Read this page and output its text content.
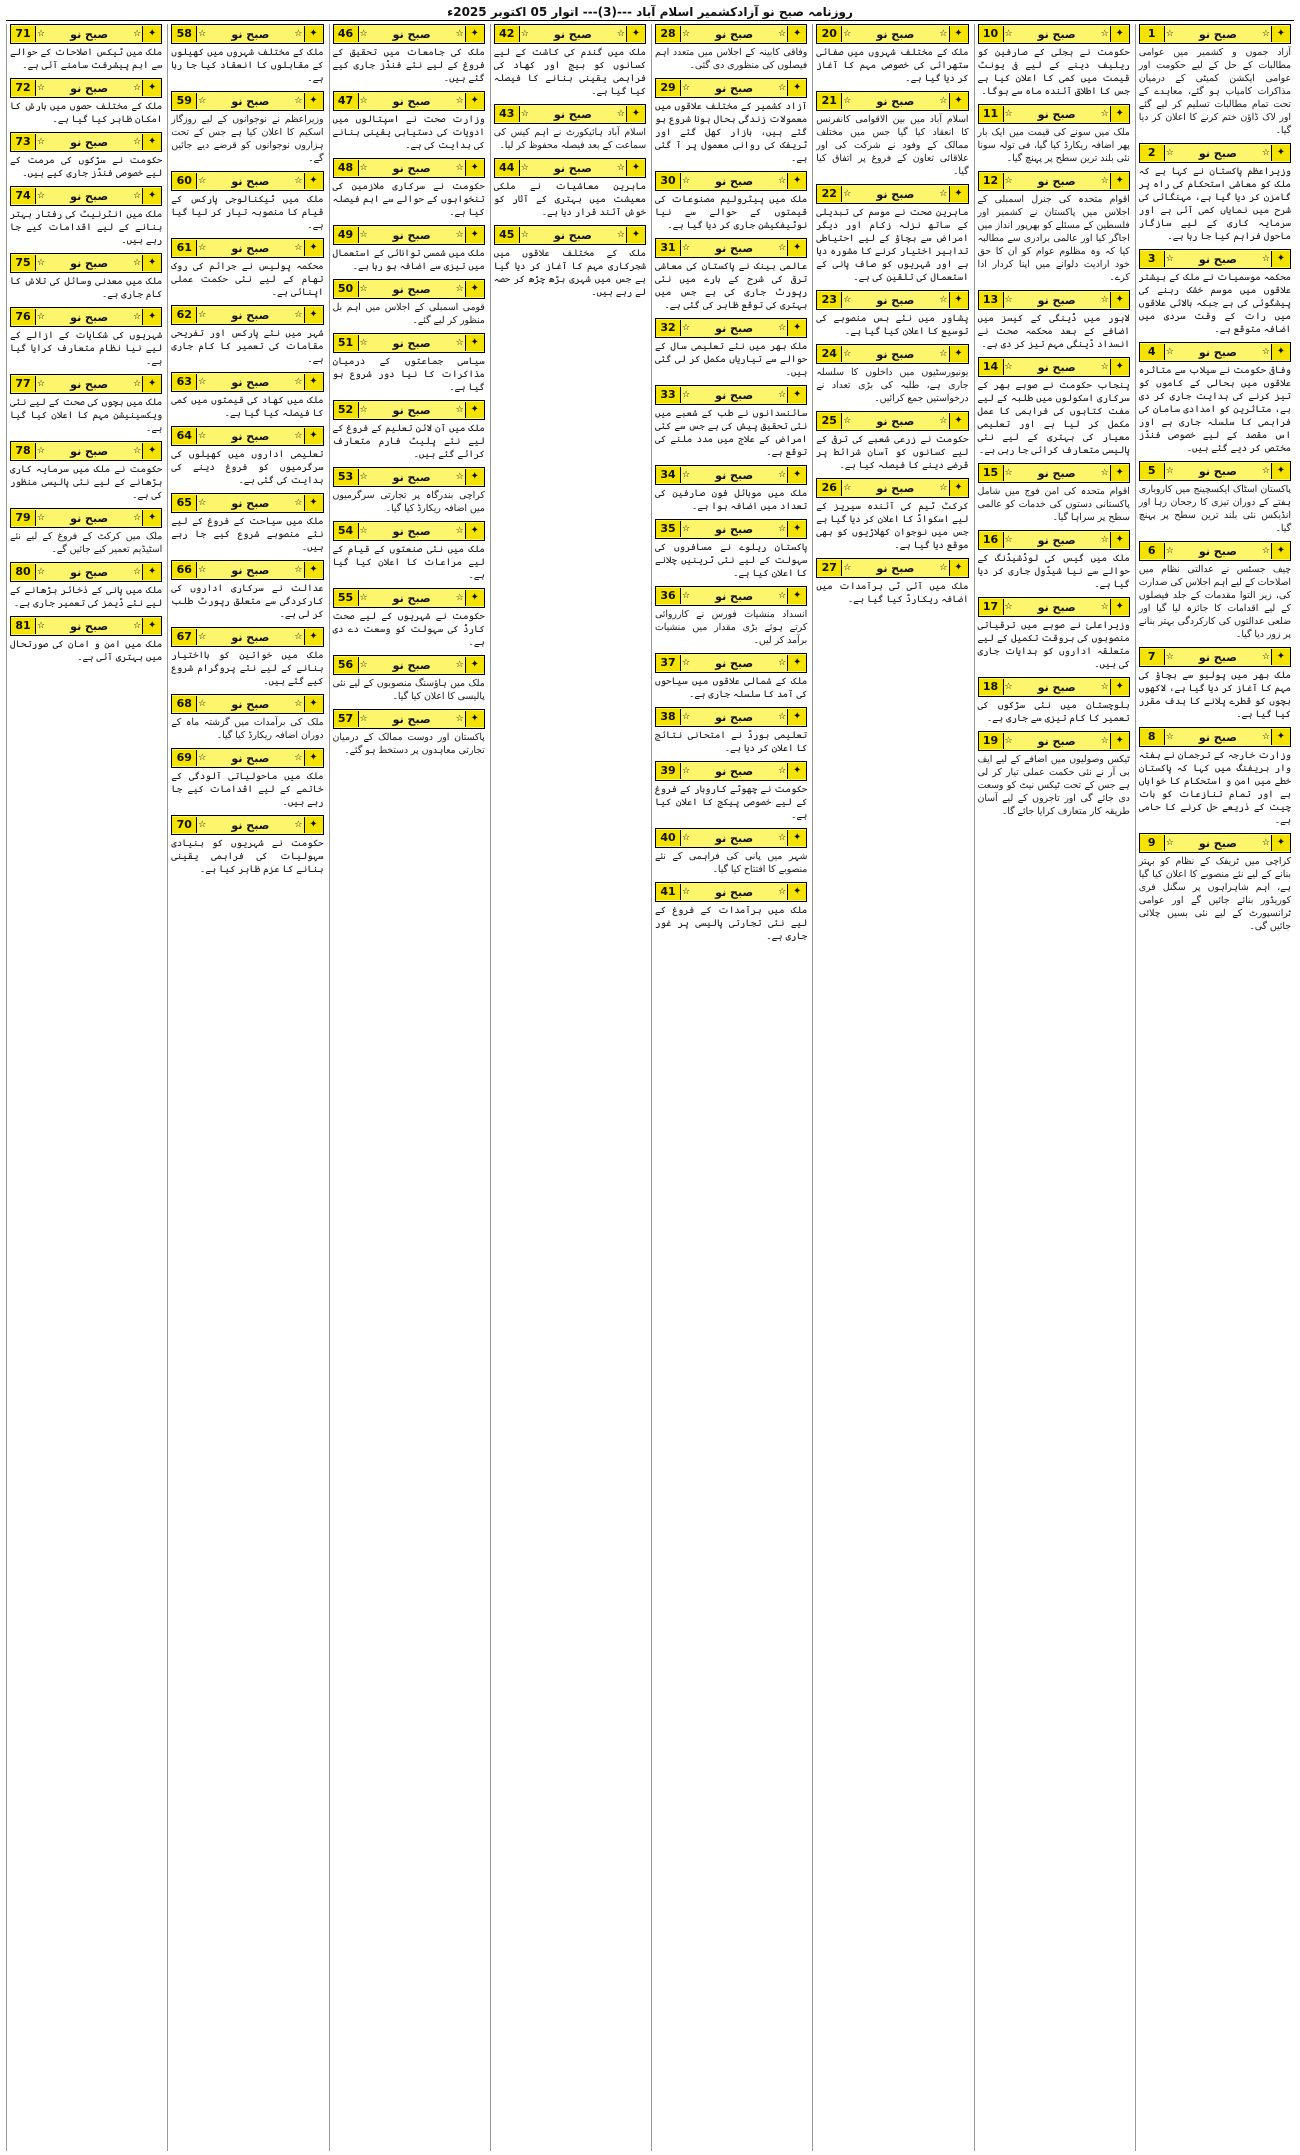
روزنامہ صبح نو آزادکشمیر اسلام آباد ---(3)--- اتوار 05 اکتوبر 2025ء
1	☆	صبح نو	☆ ✦
آزاد جموں و کشمیر میں عوامی مطالبات کے حل کے لیے حکومت اور عوامی ایکشن کمیٹی کے درمیان مذاکرات کامیاب ہو گئے، معاہدے کے تحت تمام مطالبات تسلیم کر لیے گئے اور لاک ڈاؤن ختم کرنے کا اعلان کر دیا گیا۔
2	☆	صبح نو	☆ ✦
وزیراعظم پاکستان نے کہا ہے کہ ملک کو معاشی استحکام کی راہ پر گامزن کر دیا گیا ہے، مہنگائی کی شرح میں نمایاں کمی آئی ہے اور سرمایہ کاری کے لیے سازگار ماحول فراہم کیا جا رہا ہے۔
3	☆	صبح نو	☆ ✦
محکمہ موسمیات نے ملک کے بیشتر علاقوں میں موسم خشک رہنے کی پیشگوئی کی ہے جبکہ بالائی علاقوں میں رات کے وقت سردی میں اضافہ متوقع ہے۔
4	☆	صبح نو	☆ ✦
وفاقی حکومت نے سیلاب سے متاثرہ علاقوں میں بحالی کے کاموں کو تیز کرنے کی ہدایت جاری کر دی ہے، متاثرین کو امدادی سامان کی فراہمی کا سلسلہ جاری ہے اور اس مقصد کے لیے خصوصی فنڈز مختص کر دیے گئے ہیں۔
5	☆	صبح نو	☆ ✦
پاکستان اسٹاک ایکسچینج میں کاروباری ہفتے کے دوران تیزی کا رجحان رہا اور انڈیکس نئی بلند ترین سطح پر پہنچ گیا۔
6	☆	صبح نو	☆ ✦
چیف جسٹس نے عدالتی نظام میں اصلاحات کے لیے اہم اجلاس کی صدارت کی، زیر التوا مقدمات کے جلد فیصلوں کے لیے اقدامات کا جائزہ لیا گیا اور ضلعی عدالتوں کی کارکردگی بہتر بنانے پر زور دیا گیا۔
7	☆	صبح نو	☆ ✦
ملک بھر میں پولیو سے بچاؤ کی مہم کا آغاز کر دیا گیا ہے، لاکھوں بچوں کو قطرے پلانے کا ہدف مقرر کیا گیا ہے۔
8	☆	صبح نو	☆ ✦
وزارت خارجہ کے ترجمان نے ہفتہ وار بریفنگ میں کہا کہ پاکستان خطے میں امن و استحکام کا خواہاں ہے اور تمام تنازعات کو بات چیت کے ذریعے حل کرنے کا حامی ہے۔
9	☆	صبح نو	☆ ✦
کراچی میں ٹریفک کے نظام کو بہتر بنانے کے لیے نئے منصوبے کا اعلان کیا گیا ہے، اہم شاہراہوں پر سگنل فری کوریڈور بنائے جائیں گے اور عوامی ٹرانسپورٹ کے لیے نئی بسیں چلائی جائیں گی۔
10 ☆	صبح نو	☆ ✦
حکومت نے بجلی کے صارفین کو ریلیف دینے کے لیے فی یونٹ قیمت میں کمی کا اعلان کیا ہے جس کا اطلاق آئندہ ماہ سے ہوگا۔
11 ☆	صبح نو	☆ ✦
ملک میں سونے کی قیمت میں ایک بار پھر اضافہ ریکارڈ کیا گیا، فی تولہ سونا نئی بلند ترین سطح پر پہنچ گیا۔
12 ☆	صبح نو	☆ ✦
اقوام متحدہ کی جنرل اسمبلی کے اجلاس میں پاکستان نے کشمیر اور فلسطین کے مسئلے کو بھرپور انداز میں اجاگر کیا اور عالمی برادری سے مطالبہ کیا کہ وہ مظلوم عوام کو ان کا حق خود ارادیت دلوانے میں اپنا کردار ادا کرے۔
13 ☆	صبح نو	☆ ✦
لاہور میں ڈینگی کے کیسز میں اضافے کے بعد محکمہ صحت نے انسداد ڈینگی مہم تیز کر دی ہے۔
14 ☆	صبح نو	☆ ✦
پنجاب حکومت نے صوبے بھر کے سرکاری اسکولوں میں طلبہ کے لیے مفت کتابوں کی فراہمی کا عمل مکمل کر لیا ہے اور تعلیمی معیار کی بہتری کے لیے نئی پالیسی متعارف کرائی جا رہی ہے۔
15 ☆	صبح نو	☆ ✦
اقوام متحدہ کی امن فوج میں شامل پاکستانی دستوں کی خدمات کو عالمی سطح پر سراہا گیا۔
16 ☆	صبح نو	☆ ✦
ملک میں گیس کی لوڈشیڈنگ کے حوالے سے نیا شیڈول جاری کر دیا گیا ہے۔
17 ☆	صبح نو	☆ ✦
وزیراعلیٰ نے صوبے میں ترقیاتی منصوبوں کی بروقت تکمیل کے لیے متعلقہ اداروں کو ہدایات جاری کی ہیں۔
18 ☆	صبح نو	☆ ✦
بلوچستان میں نئی سڑکوں کی تعمیر کا کام تیزی سے جاری ہے۔
19 ☆	صبح نو	☆ ✦
ٹیکس وصولیوں میں اضافے کے لیے ایف بی آر نے نئی حکمت عملی تیار کر لی ہے جس کے تحت ٹیکس نیٹ کو وسعت دی جائے گی اور تاجروں کے لیے آسان طریقہ کار متعارف کرایا جائے گا۔
20 ☆	صبح نو	☆ ✦
ملک کے مختلف شہروں میں صفائی ستھرائی کی خصوصی مہم کا آغاز کر دیا گیا ہے۔
21 ☆	صبح نو	☆ ✦
اسلام آباد میں بین الاقوامی کانفرنس کا انعقاد کیا گیا جس میں مختلف ممالک کے وفود نے شرکت کی اور علاقائی تعاون کے فروغ پر اتفاق کیا گیا۔
22 ☆	صبح نو	☆ ✦
ماہرین صحت نے موسم کی تبدیلی کے ساتھ نزلہ زکام اور دیگر امراض سے بچاؤ کے لیے احتیاطی تدابیر اختیار کرنے کا مشورہ دیا ہے اور شہریوں کو صاف پانی کے استعمال کی تلقین کی ہے۔
23 ☆	صبح نو	☆ ✦
پشاور میں نئے بس منصوبے کی توسیع کا اعلان کیا گیا ہے۔
24 ☆	صبح نو	☆ ✦
یونیورسٹیوں میں داخلوں کا سلسلہ جاری ہے، طلبہ کی بڑی تعداد نے درخواستیں جمع کرائیں۔
25 ☆	صبح نو	☆ ✦
حکومت نے زرعی شعبے کی ترقی کے لیے کسانوں کو آسان شرائط پر قرضے دینے کا فیصلہ کیا ہے۔
26 ☆	صبح نو	☆ ✦
کرکٹ ٹیم کی آئندہ سیریز کے لیے اسکواڈ کا اعلان کر دیا گیا ہے جس میں نوجوان کھلاڑیوں کو بھی موقع دیا گیا ہے۔
27 ☆	صبح نو	☆ ✦
ملک میں آئی ٹی برآمدات میں اضافہ ریکارڈ کیا گیا ہے۔
28 ☆	صبح نو	☆ ✦
وفاقی کابینہ کے اجلاس میں متعدد اہم فیصلوں کی منظوری دی گئی۔
29 ☆	صبح نو	☆ ✦
آزاد کشمیر کے مختلف علاقوں میں معمولات زندگی بحال ہونا شروع ہو گئے ہیں، بازار کھل گئے اور ٹریفک کی روانی معمول پر آ گئی ہے۔
30 ☆	صبح نو	☆ ✦
ملک میں پیٹرولیم مصنوعات کی قیمتوں کے حوالے سے نیا نوٹیفکیشن جاری کر دیا گیا ہے۔
31 ☆	صبح نو	☆ ✦
عالمی بینک نے پاکستان کی معاشی ترقی کی شرح کے بارے میں نئی رپورٹ جاری کی ہے جس میں بہتری کی توقع ظاہر کی گئی ہے۔
32 ☆	صبح نو	☆ ✦
ملک بھر میں نئے تعلیمی سال کے حوالے سے تیاریاں مکمل کر لی گئی ہیں۔
33 ☆	صبح نو	☆ ✦
سائنسدانوں نے طب کے شعبے میں نئی تحقیق پیش کی ہے جس سے کئی امراض کے علاج میں مدد ملنے کی توقع ہے۔
34 ☆	صبح نو	☆ ✦
ملک میں موبائل فون صارفین کی تعداد میں اضافہ ہوا ہے۔
35 ☆	صبح نو	☆ ✦
پاکستان ریلوے نے مسافروں کی سہولت کے لیے نئی ٹرینیں چلانے کا اعلان کیا ہے۔
36 ☆	صبح نو	☆ ✦
انسداد منشیات فورس نے کارروائی کرتے ہوئے بڑی مقدار میں منشیات برآمد کر لیں۔
37 ☆	صبح نو	☆ ✦
ملک کے شمالی علاقوں میں سیاحوں کی آمد کا سلسلہ جاری ہے۔
38 ☆	صبح نو	☆ ✦
تعلیمی بورڈ نے امتحانی نتائج کا اعلان کر دیا ہے۔
39 ☆	صبح نو	☆ ✦
حکومت نے چھوٹے کاروبار کے فروغ کے لیے خصوصی پیکج کا اعلان کیا ہے۔
40 ☆	صبح نو	☆ ✦
شہر میں پانی کی فراہمی کے نئے منصوبے کا افتتاح کیا گیا۔
41 ☆	صبح نو	☆ ✦
ملک میں برآمدات کے فروغ کے لیے نئی تجارتی پالیسی پر غور جاری ہے۔
42 ☆	صبح نو	☆ ✦
ملک میں گندم کی کاشت کے لیے کسانوں کو بیج اور کھاد کی فراہمی یقینی بنانے کا فیصلہ کیا گیا ہے۔
43 ☆	صبح نو	☆ ✦
اسلام آباد ہائیکورٹ نے اہم کیس کی سماعت کے بعد فیصلہ محفوظ کر لیا۔
44 ☆	صبح نو	☆ ✦
ماہرین معاشیات نے ملکی معیشت میں بہتری کے آثار کو خوش آئند قرار دیا ہے۔
45 ☆	صبح نو	☆ ✦
ملک کے مختلف علاقوں میں شجرکاری مہم کا آغاز کر دیا گیا ہے جس میں شہری بڑھ چڑھ کر حصہ لے رہے ہیں۔
46 ☆	صبح نو	☆ ✦
ملک کی جامعات میں تحقیق کے فروغ کے لیے نئے فنڈز جاری کیے گئے ہیں۔
47 ☆	صبح نو	☆ ✦
وزارت صحت نے اسپتالوں میں ادویات کی دستیابی یقینی بنانے کی ہدایت کی ہے۔
48 ☆	صبح نو	☆ ✦
حکومت نے سرکاری ملازمین کی تنخواہوں کے حوالے سے اہم فیصلہ کیا ہے۔
49 ☆	صبح نو	☆ ✦
ملک میں شمسی توانائی کے استعمال میں تیزی سے اضافہ ہو رہا ہے۔
50 ☆	صبح نو	☆ ✦
قومی اسمبلی کے اجلاس میں اہم بل منظور کر لیے گئے۔
51 ☆	صبح نو	☆ ✦
سیاسی جماعتوں کے درمیان مذاکرات کا نیا دور شروع ہو گیا ہے۔
52 ☆	صبح نو	☆ ✦
ملک میں آن لائن تعلیم کے فروغ کے لیے نئے پلیٹ فارم متعارف کرائے گئے ہیں۔
53 ☆	صبح نو	☆ ✦
کراچی بندرگاہ پر تجارتی سرگرمیوں میں اضافہ ریکارڈ کیا گیا۔
54 ☆	صبح نو	☆ ✦
ملک میں نئی صنعتوں کے قیام کے لیے مراعات کا اعلان کیا گیا ہے۔
55 ☆	صبح نو	☆ ✦
حکومت نے شہریوں کے لیے صحت کارڈ کی سہولت کو وسعت دے دی ہے۔
56 ☆	صبح نو	☆ ✦
ملک میں ہاؤسنگ منصوبوں کے لیے نئی پالیسی کا اعلان کیا گیا۔
57 ☆	صبح نو	☆ ✦
پاکستان اور دوست ممالک کے درمیان تجارتی معاہدوں پر دستخط ہو گئے۔
58 ☆	صبح نو	☆ ✦
ملک کے مختلف شہروں میں کھیلوں کے مقابلوں کا انعقاد کیا جا رہا ہے۔
59 ☆	صبح نو	☆ ✦
وزیراعظم نے نوجوانوں کے لیے روزگار اسکیم کا اعلان کیا ہے جس کے تحت ہزاروں نوجوانوں کو قرضے دیے جائیں گے۔
60 ☆	صبح نو	☆ ✦
ملک میں ٹیکنالوجی پارکس کے قیام کا منصوبہ تیار کر لیا گیا ہے۔
61 ☆	صبح نو	☆ ✦
محکمہ پولیس نے جرائم کی روک تھام کے لیے نئی حکمت عملی اپنائی ہے۔
62 ☆	صبح نو	☆ ✦
شہر میں نئے پارکس اور تفریحی مقامات کی تعمیر کا کام جاری ہے۔
63 ☆	صبح نو	☆ ✦
ملک میں کھاد کی قیمتوں میں کمی کا فیصلہ کیا گیا ہے۔
64 ☆	صبح نو	☆ ✦
تعلیمی اداروں میں کھیلوں کی سرگرمیوں کو فروغ دینے کی ہدایت کی گئی ہے۔
65 ☆	صبح نو	☆ ✦
ملک میں سیاحت کے فروغ کے لیے نئے منصوبے شروع کیے جا رہے ہیں۔
66 ☆	صبح نو	☆ ✦
عدالت نے سرکاری اداروں کی کارکردگی سے متعلق رپورٹ طلب کر لی ہے۔
67 ☆	صبح نو	☆ ✦
ملک میں خواتین کو بااختیار بنانے کے لیے نئے پروگرام شروع کیے گئے ہیں۔
68 ☆	صبح نو	☆ ✦
ملک کی برآمدات میں گزشتہ ماہ کے دوران اضافہ ریکارڈ کیا گیا۔
69 ☆	صبح نو	☆ ✦
ملک میں ماحولیاتی آلودگی کے خاتمے کے لیے اقدامات کیے جا رہے ہیں۔
70 ☆	صبح نو	☆ ✦
حکومت نے شہریوں کو بنیادی سہولیات کی فراہمی یقینی بنانے کا عزم ظاہر کیا ہے۔
71 ☆	صبح نو	☆ ✦
ملک میں ٹیکس اصلاحات کے حوالے سے اہم پیشرفت سامنے آئی ہے۔
72 ☆	صبح نو	☆ ✦
ملک کے مختلف حصوں میں بارش کا امکان ظاہر کیا گیا ہے۔
73 ☆	صبح نو	☆ ✦
حکومت نے سڑکوں کی مرمت کے لیے خصوصی فنڈز جاری کیے ہیں۔
74 ☆	صبح نو	☆ ✦
ملک میں انٹرنیٹ کی رفتار بہتر بنانے کے لیے اقدامات کیے جا رہے ہیں۔
75 ☆	صبح نو	☆ ✦
ملک میں معدنی وسائل کی تلاش کا کام جاری ہے۔
76 ☆	صبح نو	☆ ✦
شہریوں کی شکایات کے ازالے کے لیے نیا نظام متعارف کرایا گیا ہے۔
77 ☆	صبح نو	☆ ✦
ملک میں بچوں کی صحت کے لیے نئی ویکسینیشن مہم کا اعلان کیا گیا ہے۔
78 ☆	صبح نو	☆ ✦
حکومت نے ملک میں سرمایہ کاری بڑھانے کے لیے نئی پالیسی منظور کی ہے۔
79 ☆	صبح نو	☆ ✦
ملک میں کرکٹ کے فروغ کے لیے نئے اسٹیڈیم تعمیر کیے جائیں گے۔
80 ☆	صبح نو	☆ ✦
ملک میں پانی کے ذخائر بڑھانے کے لیے نئے ڈیمز کی تعمیر جاری ہے۔
81 ☆	صبح نو	☆ ✦
ملک میں امن و امان کی صورتحال میں بہتری آئی ہے۔
